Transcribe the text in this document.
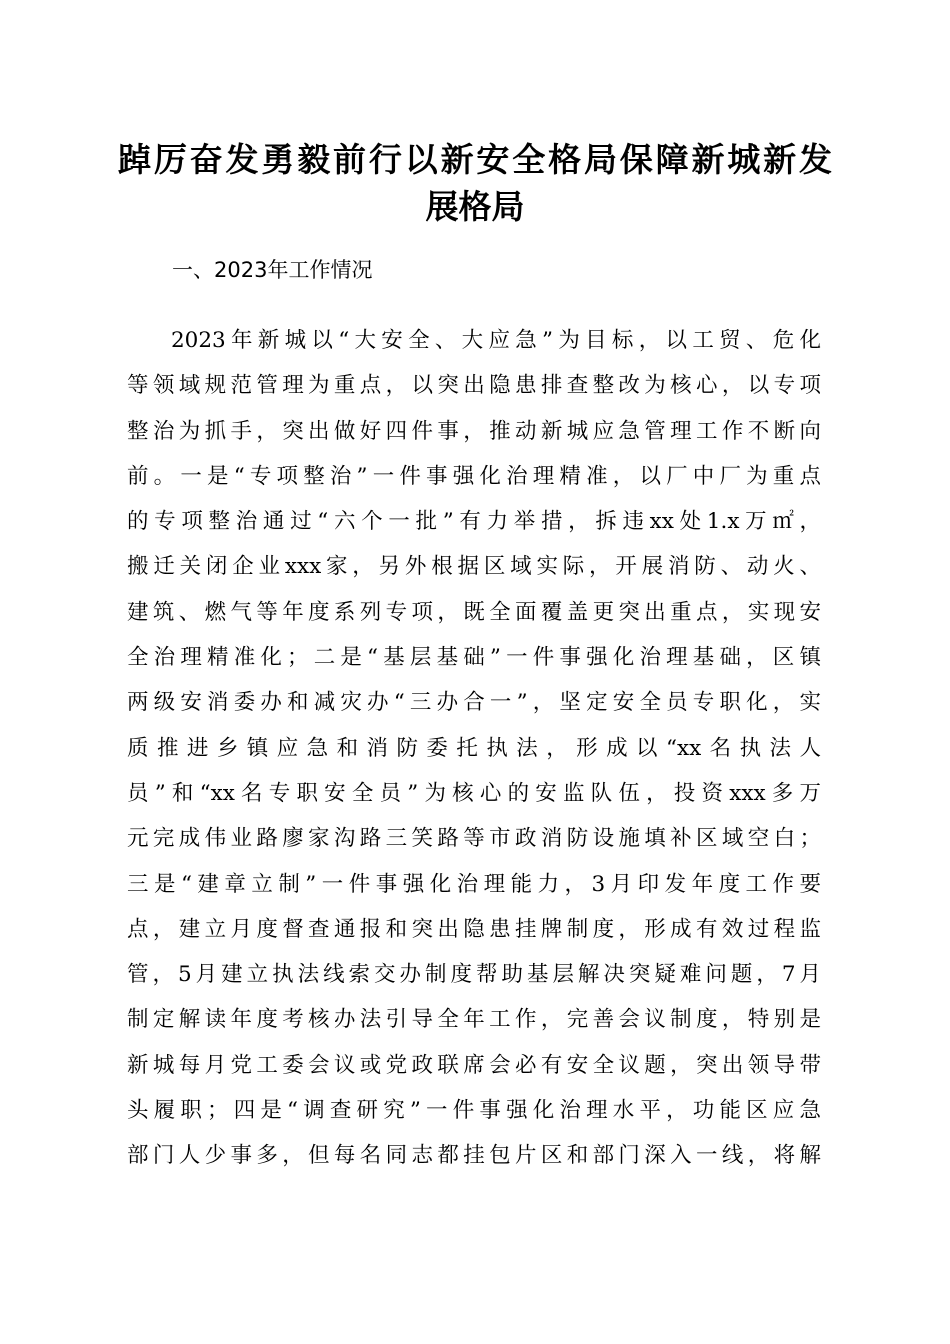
踔厉奋发勇毅前行以新安全格局保障新城新发
展格局
一、2023年工作情况
2023年新城以“大安全、大应急”为目标，以工贸、危化
等领域规范管理为重点，以突出隐患排查整改为核心，以专项
整治为抓手，突出做好四件事，推动新城应急管理工作不断向
前。一是“专项整治”一件事强化治理精准，以厂中厂为重点
的专项整治通过“六个一批”有力举措，拆违xx处1.x万㎡，
搬迁关闭企业xxx家，另外根据区域实际，开展消防、动火、
建筑、燃气等年度系列专项，既全面覆盖更突出重点，实现安
全治理精准化；二是“基层基础”一件事强化治理基础，区镇
两级安消委办和减灾办“三办合一”，坚定安全员专职化，实
质推进乡镇应急和消防委托执法，形成以“xx名执法人
员”和“xx名专职安全员”为核心的安监队伍，投资xxx多万
元完成伟业路廖家沟路三笑路等市政消防设施填补区域空白；
三是“建章立制”一件事强化治理能力，3月印发年度工作要
点，建立月度督查通报和突出隐患挂牌制度，形成有效过程监
管，5月建立执法线索交办制度帮助基层解决突疑难问题，7月
制定解读年度考核办法引导全年工作，完善会议制度，特别是
新城每月党工委会议或党政联席会必有安全议题，突出领导带
头履职；四是“调查研究”一件事强化治理水平，功能区应急
部门人少事多，但每名同志都挂包片区和部门深入一线，将解
